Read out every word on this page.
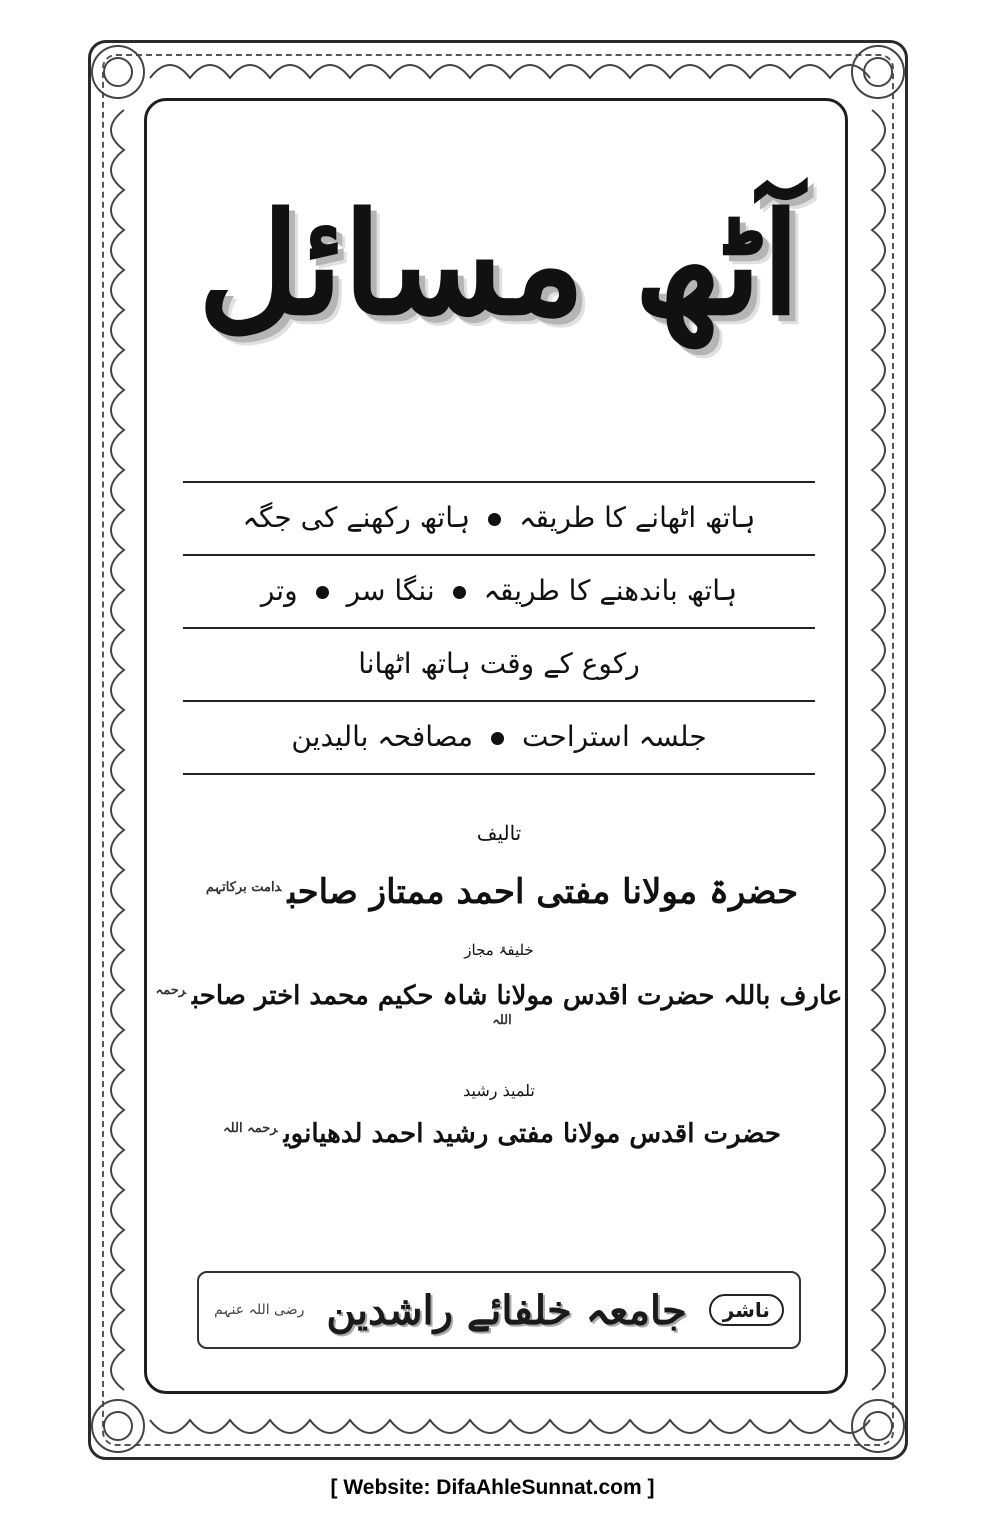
آٹھ مسائل
ہاتھ اٹھانے کا طریقہہاتھ رکھنے کی جگہ
ہاتھ باندھنے کا طریقہننگا سروتر
رکوع کے وقت ہاتھ اٹھانا
جلسہ استراحتمصافحہ بالیدین
تالیف
حضرۃ مولانا مفتی احمد ممتاز صاحب$^{دامت برکاتہم}$
خلیفۂ مجاز
عارف باللہ حضرت اقدس مولانا شاہ حکیم محمد اختر صاحب$^{رحمہ اللہ}$
تلمیذ رشید
حضرت اقدس مولانا مفتی رشید احمد لدھیانوی$^{رحمہ اللہ}$
ناشر
جامعہ خلفائے راشدین
رضی اللہ عنہم
[ Website: DifaAhleSunnat.com ]
